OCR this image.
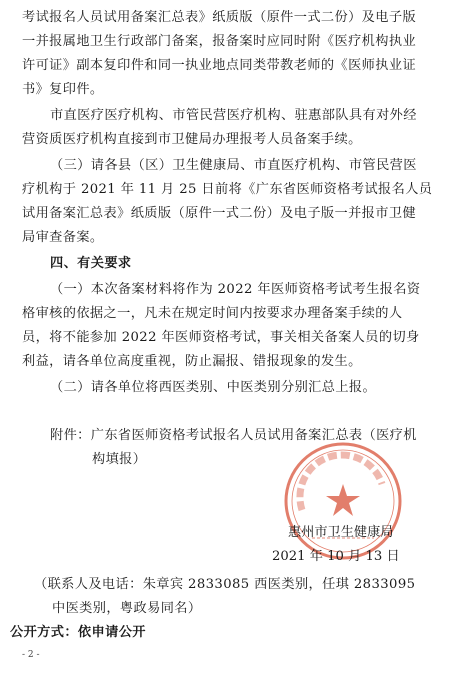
考试报名人员试用备案汇总表》纸质版（原件一式二份）及电子版
一并报属地卫生行政部门备案，报备案时应同时附《医疗机构执业
许可证》副本复印件和同一执业地点同类带教老师的《医师执业证
书》复印件。
市直医疗医疗机构、市管民营医疗机构、驻惠部队具有对外经
营资质医疗机构直接到市卫健局办理报考人员备案手续。
（三）请各县（区）卫生健康局、市直医疗机构、市管民营医
疗机构于 2021 年 11 月 25 日前将《广东省医师资格考试报名人员
试用备案汇总表》纸质版（原件一式二份）及电子版一并报市卫健
局审查备案。
四、有关要求
（一）本次备案材料将作为 2022 年医师资格考试考生报名资
格审核的依据之一，凡未在规定时间内按要求办理备案手续的人
员，将不能参加 2022 年医师资格考试，事关相关备案人员的切身
利益，请各单位高度重视，防止漏报、错报现象的发生。
（二）请各单位将西医类别、中医类别分别汇总上报。
附件：广东省医师资格考试报名人员试用备案汇总表（医疗机
构填报）
惠州市卫生健康局
2021 年 10 月 13 日
（联系人及电话：朱章宾 2833085 西医类别，任琪 2833095
中医类别，粤政易同名）
公开方式：依申请公开
- 2 -
